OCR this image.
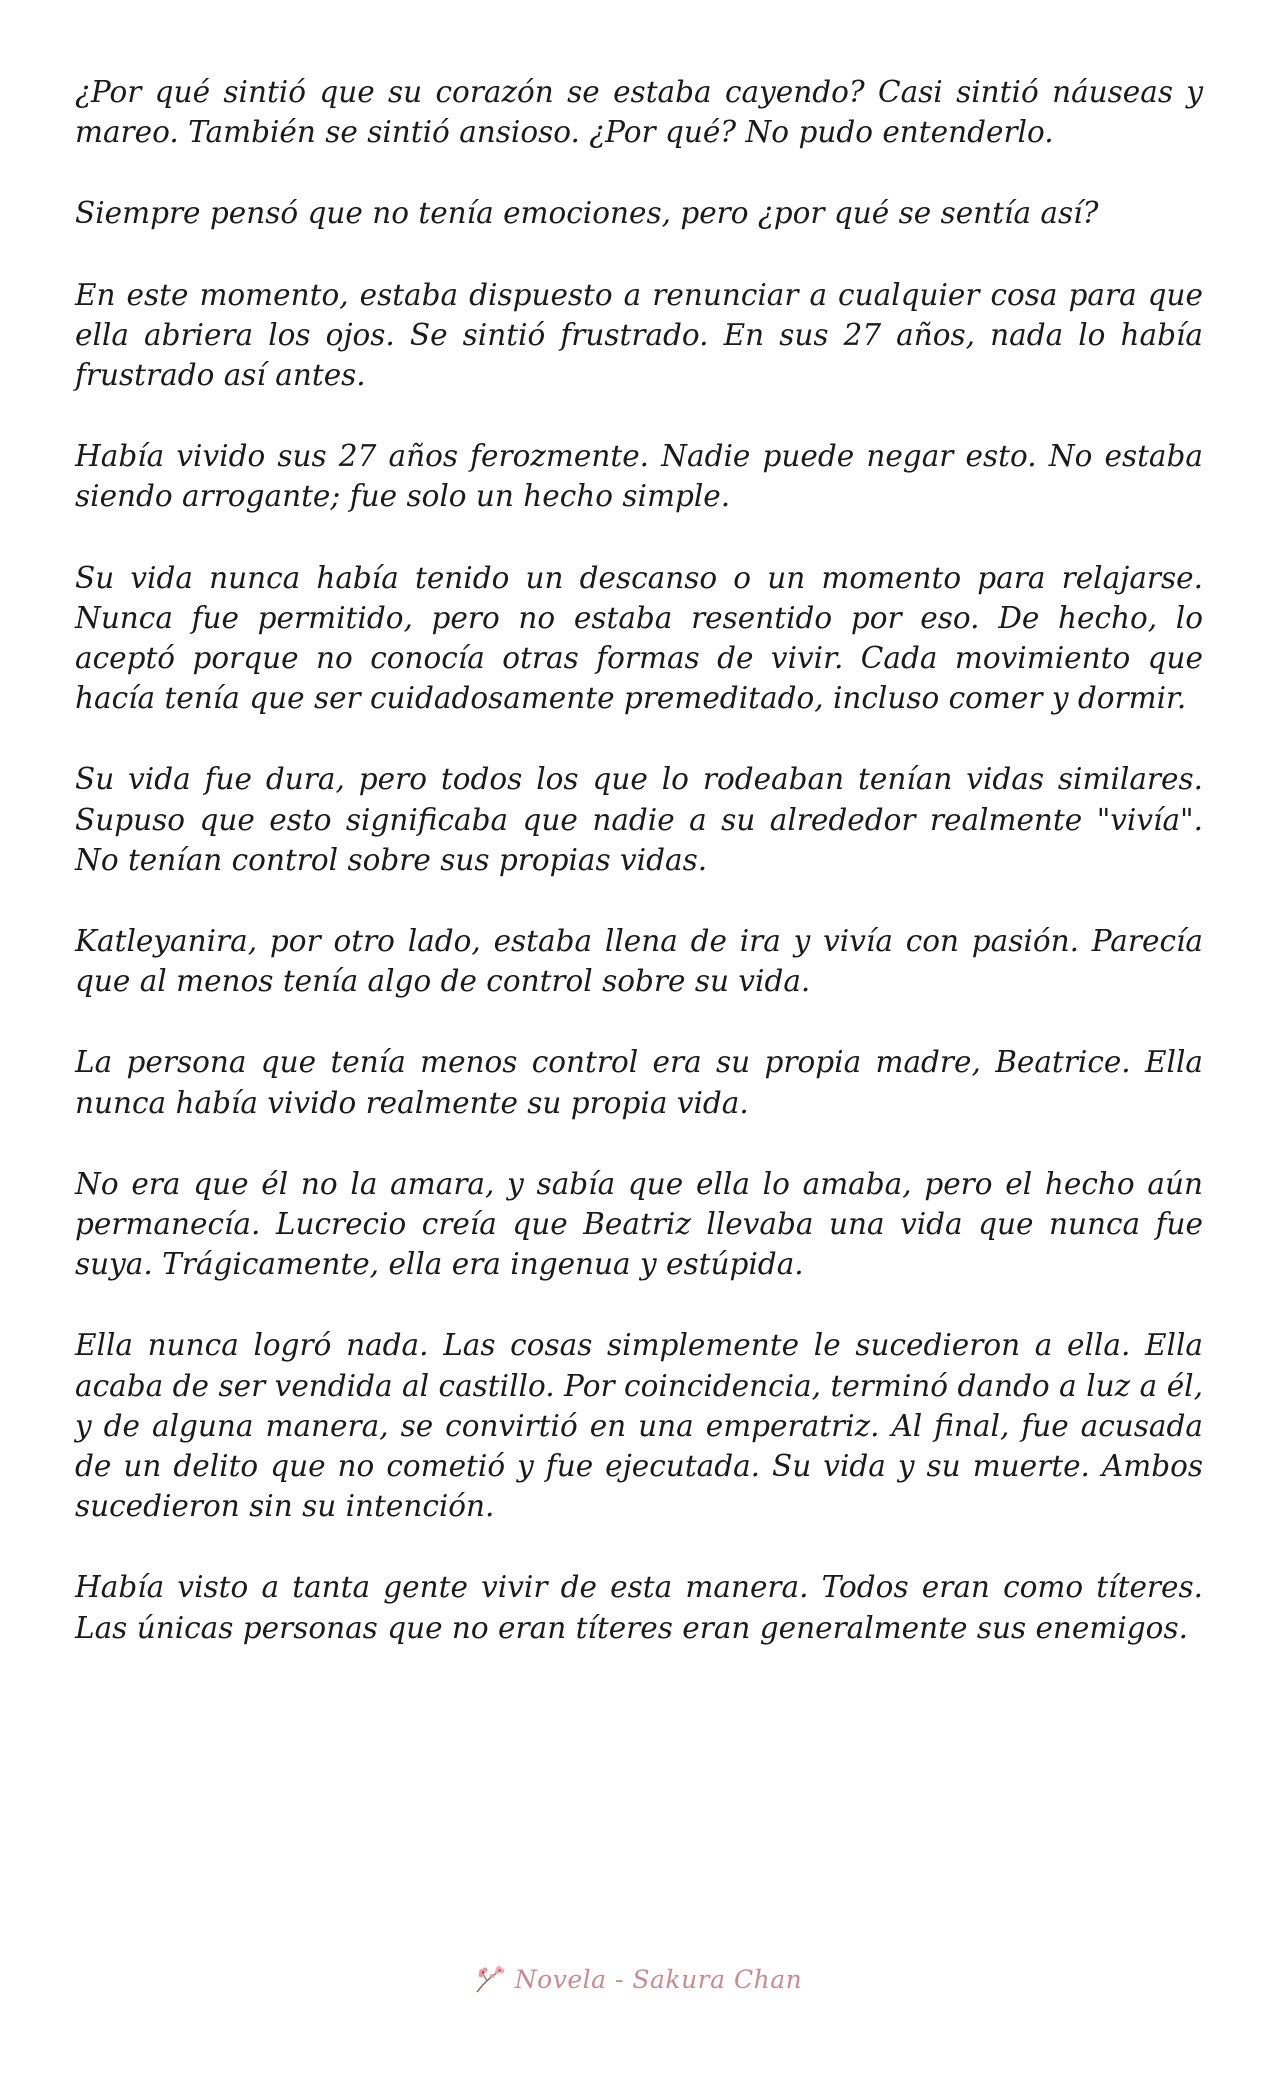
¿Por qué sintió que su corazón se estaba cayendo? Casi sintió náuseas y mareo. También se sintió ansioso. ¿Por qué? No pudo entenderlo.

Siempre pensó que no tenía emociones, pero ¿por qué se sentía así?

En este momento, estaba dispuesto a renunciar a cualquier cosa para que ella abriera los ojos. Se sintió frustrado. En sus 27 años, nada lo había frustrado así antes.

Había vivido sus 27 años ferozmente. Nadie puede negar esto. No estaba siendo arrogante; fue solo un hecho simple.

Su vida nunca había tenido un descanso o un momento para relajarse. Nunca fue permitido, pero no estaba resentido por eso. De hecho, lo aceptó porque no conocía otras formas de vivir. Cada movimiento que hacía tenía que ser cuidadosamente premeditado, incluso comer y dormir.

Su vida fue dura, pero todos los que lo rodeaban tenían vidas similares. Supuso que esto significaba que nadie a su alrededor realmente "vivía". No tenían control sobre sus propias vidas.

Katleyanira, por otro lado, estaba llena de ira y vivía con pasión. Parecía que al menos tenía algo de control sobre su vida.

La persona que tenía menos control era su propia madre, Beatrice. Ella nunca había vivido realmente su propia vida.

No era que él no la amara, y sabía que ella lo amaba, pero el hecho aún permanecía. Lucrecio creía que Beatriz llevaba una vida que nunca fue suya. Trágicamente, ella era ingenua y estúpida.

Ella nunca logró nada. Las cosas simplemente le sucedieron a ella. Ella acaba de ser vendida al castillo. Por coincidencia, terminó dando a luz a él, y de alguna manera, se convirtió en una emperatriz. Al final, fue acusada de un delito que no cometió y fue ejecutada. Su vida y su muerte. Ambos sucedieron sin su intención.

Había visto a tanta gente vivir de esta manera. Todos eran como títeres. Las únicas personas que no eran títeres eran generalmente sus enemigos.

Novela - Sakura Chan
